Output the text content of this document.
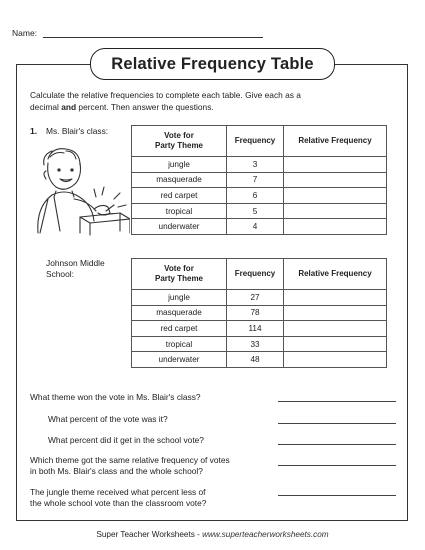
Name:
Relative Frequency Table
Calculate the relative frequencies to complete each table. Give each as a
decimal and percent. Then answer the questions.
1. Ms. Blair's class:	Vote for
Party Theme	Frequency	Relative Frequency
jungle	3	
masquerade	7	
red carpet	6	
tropical	5	
underwater	4	
Johnson Middle
School:	Vote for
Party Theme	Frequency	Relative Frequency
jungle	27	
masquerade	78	
red carpet	114	
tropical	33	
underwater	48	
What theme won the vote in Ms. Blair's class?
What percent of the vote was it?
What percent did it get in the school vote?
Which theme got the same relative frequency of votes
in both Ms. Blair's class and the whole school?
The jungle theme received what percent less of
the whole school vote than the classroom vote?
Super Teacher Worksheets - www.superteacherworksheets.com
